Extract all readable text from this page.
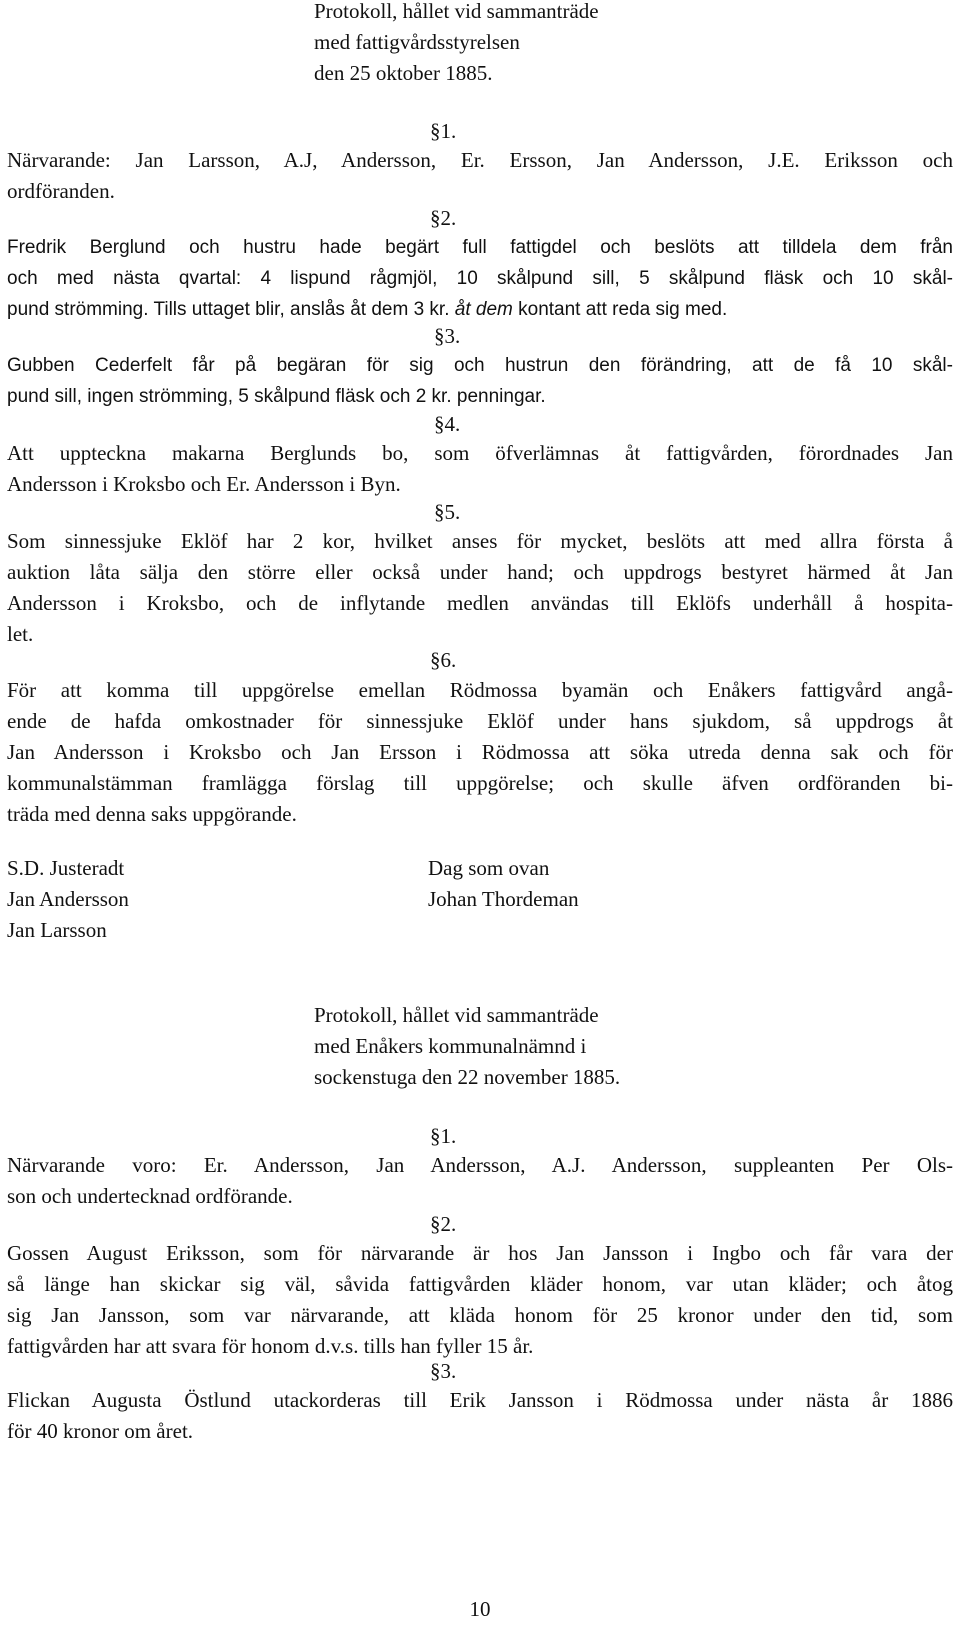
Protokoll, hållet vid sammanträde
med fattigvårdsstyrelsen
den 25 oktober 1885.
§1.
Närvarande: Jan Larsson, A.J, Andersson, Er. Ersson, Jan Andersson, J.E. Eriksson och
ordföranden.
§2.
Fredrik Berglund och hustru hade begärt full fattigdel och beslöts att tilldela dem från
och med nästa qvartal: 4 lispund rågmjöl, 10 skålpund sill, 5 skålpund fläsk och 10 skål-
pund strömming. Tills uttaget blir, anslås åt dem 3 kr. åt dem kontant att reda sig med.
§3.
Gubben Cederfelt får på begäran för sig och hustrun den förändring, att de få 10 skål-
pund sill, ingen strömming, 5 skålpund fläsk och 2 kr. penningar.
§4.
Att uppteckna makarna Berglunds bo, som öfverlämnas åt fattigvården, förordnades Jan
Andersson i Kroksbo och Er. Andersson i Byn.
§5.
Som sinnessjuke Eklöf har 2 kor, hvilket anses för mycket, beslöts att med allra första å
auktion låta sälja den större eller också under hand; och uppdrogs bestyret härmed åt Jan
Andersson i Kroksbo, och de inflytande medlen användas till Eklöfs underhåll å hospita-
let.
§6.
För att komma till uppgörelse emellan Rödmossa byamän och Enåkers fattigvård angå-
ende de hafda omkostnader för sinnessjuke Eklöf under hans sjukdom, så uppdrogs åt
Jan Andersson i Kroksbo och Jan Ersson i Rödmossa att söka utreda denna sak och för
kommunalstämman framlägga förslag till uppgörelse; och skulle äfven ordföranden bi-
träda med denna saks uppgörande.
S.D. Justeradt
Jan Andersson
Jan Larsson
Dag som ovan
Johan Thordeman
Protokoll, hållet vid sammanträde
med Enåkers kommunalnämnd i
sockenstuga den 22 november 1885.
§1.
Närvarande voro: Er. Andersson, Jan Andersson, A.J. Andersson, suppleanten Per Ols-
son och undertecknad ordförande.
§2.
Gossen August Eriksson, som för närvarande är hos Jan Jansson i Ingbo och får vara der
så länge han skickar sig väl, såvida fattigvården kläder honom, var utan kläder; och åtog
sig Jan Jansson, som var närvarande, att kläda honom för 25 kronor under den tid, som
fattigvården har att svara för honom d.v.s. tills han fyller 15 år.
§3.
Flickan Augusta Östlund utackorderas till Erik Jansson i Rödmossa under nästa år 1886
för 40 kronor om året.
10
